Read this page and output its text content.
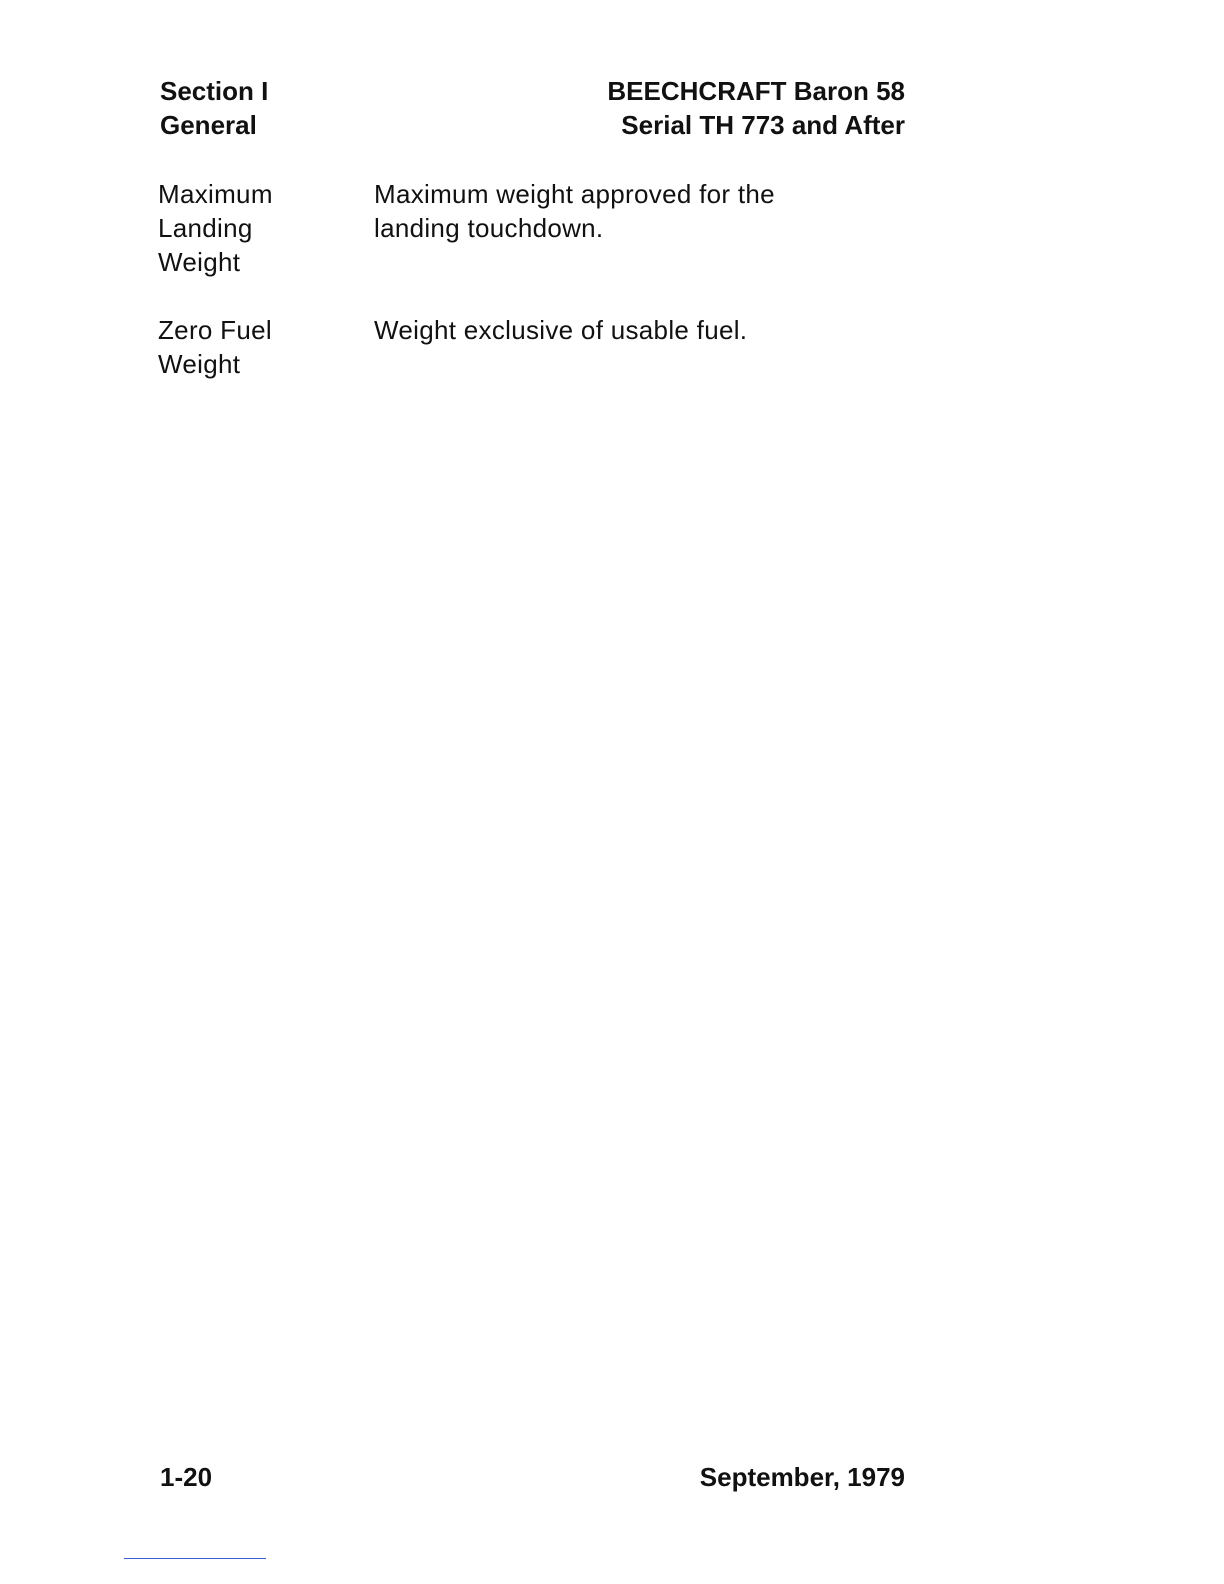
Section I
General
BEECHCRAFT Baron 58
Serial TH 773 and After
Maximum
Landing
Weight
Maximum weight approved for the landing touchdown.
Zero Fuel
Weight
Weight exclusive of usable fuel.
1-20	September, 1979
